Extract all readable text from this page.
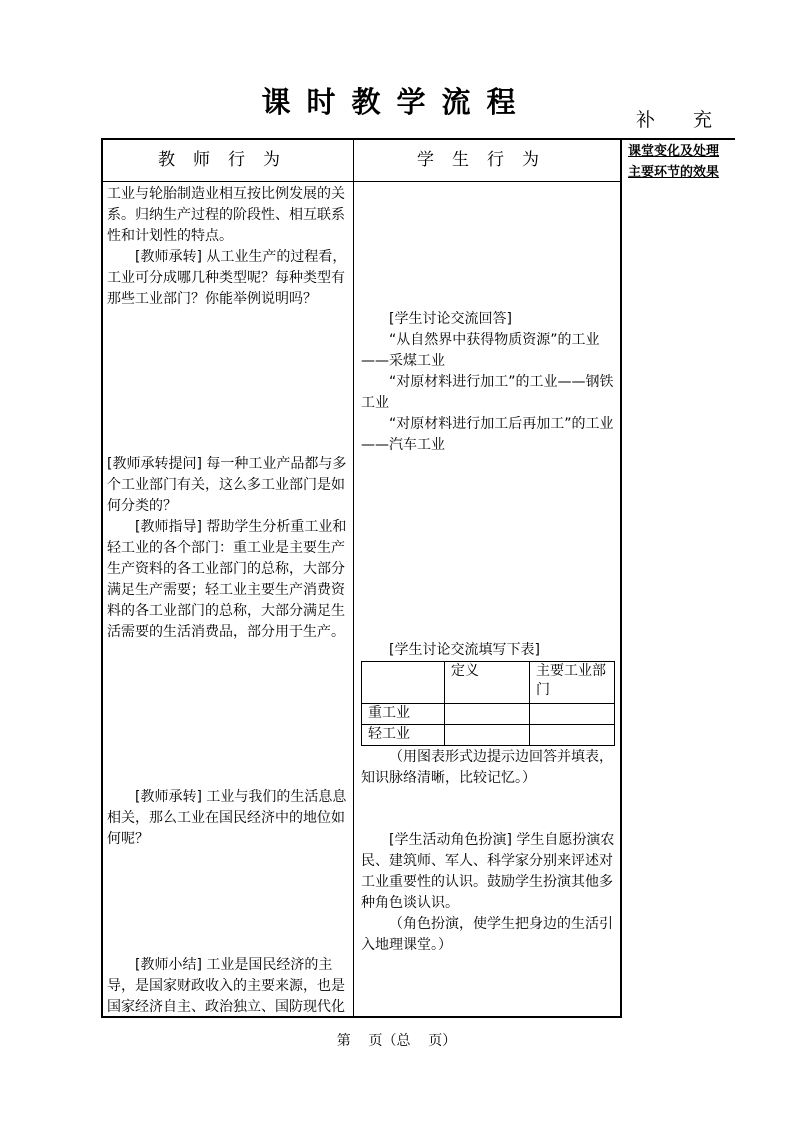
课时教学流程
补充
教师行为	学生行为	课堂变化及处理
主要环节的效果

工业与轮胎制造业相互按比例发展的关系。归纳生产过程的阶段性、相互联系性和计划性的特点。

[教师承转] 从工业生产的过程看，工业可分成哪几种类型呢？每种类型有那些工业部门？你能举例说明吗？

[教师承转提问] 每一种工业产品都与多个工业部门有关，这么多工业部门是如何分类的？

[教师指导] 帮助学生分析重工业和轻工业的各个部门：重工业是主要生产生产资料的各工业部门的总称，大部分满足生产需要；轻工业主要生产消费资料的各工业部门的总称，大部分满足生活需要的生活消费品，部分用于生产。

[教师承转] 工业与我们的生活息息相关，那么工业在国民经济中的地位如何呢？

[教师小结] 工业是国民经济的主导，是国家财政收入的主要来源，也是国家经济自主、政治独立、国防现代化

[学生讨论交流回答]

“从自然界中获得物质资源”的工业——采煤工业

“对原材料进行加工”的工业——钢铁工业

“对原材料进行加工后再加工”的工业——汽车工业

[学生讨论交流填写下表]

	定义	主要工业部门
重工业		
轻工业		

（用图表形式边提示边回答并填表，知识脉络清晰，比较记忆。）

[学生活动角色扮演] 学生自愿扮演农民、建筑师、军人、科学家分别来评述对工业重要性的认识。鼓励学生扮演其他多种角色谈认识。

（角色扮演，使学生把身边的生活引入地理课堂。）

第    页（总    页）
